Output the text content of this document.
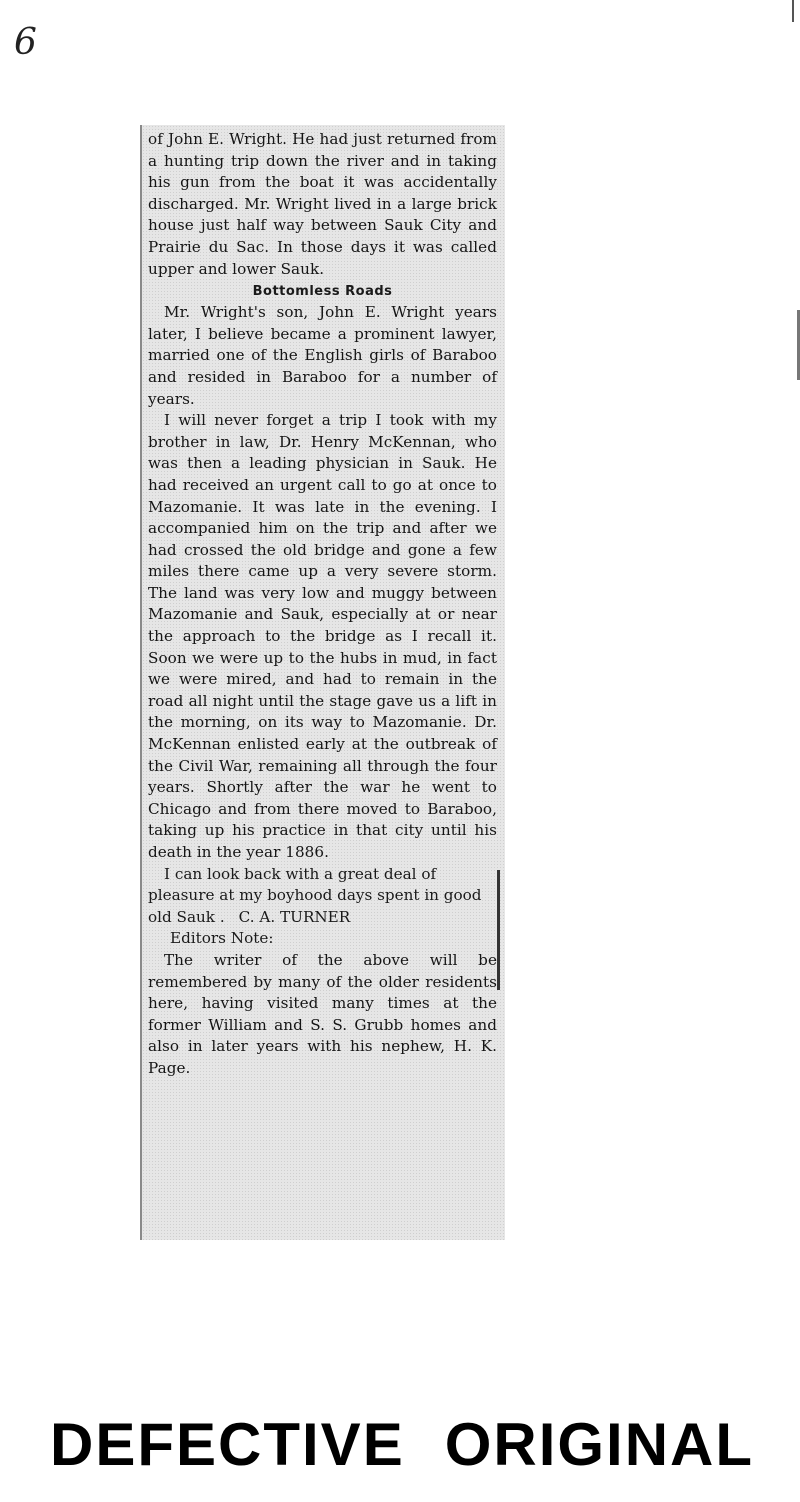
6

of John E. Wright. He had just returned from a hunting trip down the river and in taking his gun from the boat it was accidentally discharged. Mr. Wright lived in a large brick house just half way between Sauk City and Prairie du Sac. In those days it was called upper and lower Sauk.

Bottomless Roads

Mr. Wright's son, John E. Wright years later, I believe became a prominent lawyer, married one of the English girls of Baraboo and resided in Baraboo for a number of years.

I will never forget a trip I took with my brother in law, Dr. Henry McKennan, who was then a leading physician in Sauk. He had received an urgent call to go at once to Mazomanie. It was late in the evening. I accompanied him on the trip and after we had crossed the old bridge and gone a few miles there came up a very severe storm. The land was very low and muggy between Mazomanie and Sauk, especially at or near the approach to the bridge as I recall it. Soon we were up to the hubs in mud, in fact we were mired, and had to remain in the road all night until the stage gave us a lift in the morning, on its way to Mazomanie. Dr. McKennan enlisted early at the outbreak of the Civil War, remaining all through the four years. Shortly after the war he went to Chicago and from there moved to Baraboo, taking up his practice in that city until his death in the year 1886.

I can look back with a great deal of pleasure at my boyhood days spent in good old Sauk . C. A. TURNER

Editors Note:

The writer of the above will be remembered by many of the older residents here, having visited many times at the former William and S. S. Grubb homes and also in later years with his nephew, H. K. Page.

DEFECTIVE ORIGINAL
